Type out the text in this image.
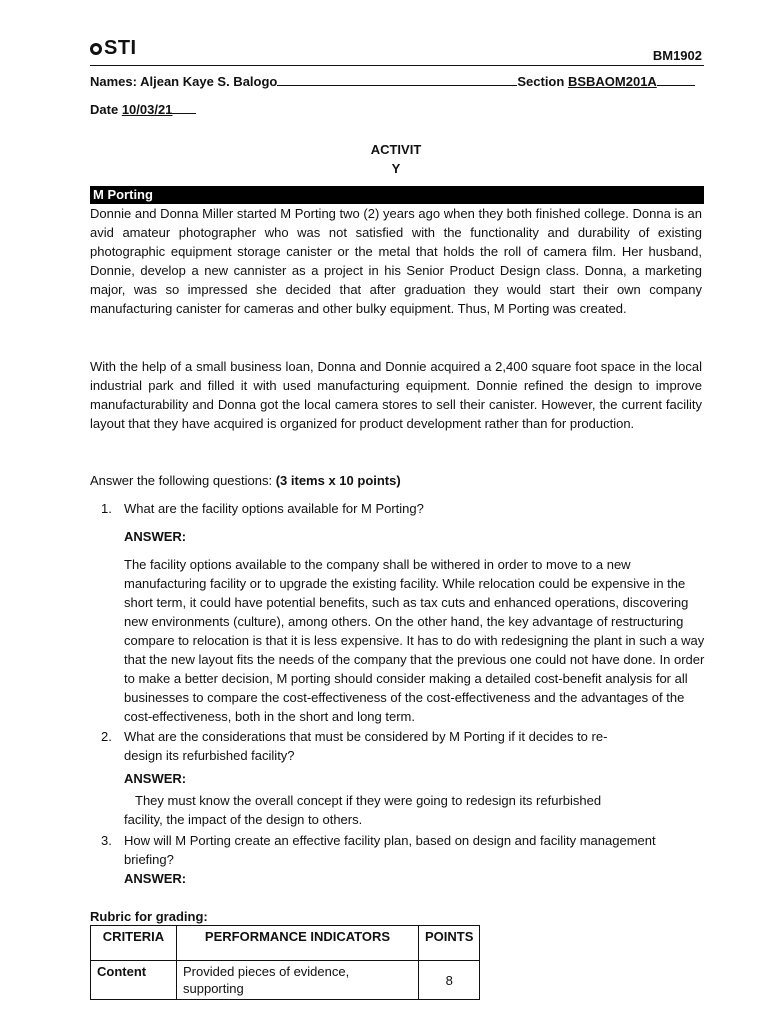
STI	BM1902
Names: Aljean Kaye S. Balogo	Section BSBAOM201A
Date 10/03/21
ACTIVIT
Y
M Porting
Donnie and Donna Miller started M Porting two (2) years ago when they both finished college. Donna is an avid amateur photographer who was not satisfied with the functionality and durability of existing photographic equipment storage canister or the metal that holds the roll of camera film. Her husband, Donnie, develop a new cannister as a project in his Senior Product Design class. Donna, a marketing major, was so impressed she decided that after graduation they would start their own company manufacturing canister for cameras and other bulky equipment. Thus, M Porting was created.
With the help of a small business loan, Donna and Donnie acquired a 2,400 square foot space in the local industrial park and filled it with used manufacturing equipment. Donnie refined the design to improve manufacturability and Donna got the local camera stores to sell their canister. However, the current facility layout that they have acquired is organized for product development rather than for production.
Answer the following questions: (3 items x 10 points)
1. What are the facility options available for M Porting?
ANSWER:
The facility options available to the company shall be withered in order to move to a new manufacturing facility or to upgrade the existing facility. While relocation could be expensive in the short term, it could have potential benefits, such as tax cuts and enhanced operations, discovering new environments (culture), among others. On the other hand, the key advantage of restructuring compare to relocation is that it is less expensive. It has to do with redesigning the plant in such a way that the new layout fits the needs of the company that the previous one could not have done. In order to make a better decision, M porting should consider making a detailed cost-benefit analysis for all businesses to compare the cost-effectiveness of the cost-effectiveness and the advantages of the cost-effectiveness, both in the short and long term.
2. What are the considerations that must be considered by M Porting if it decides to re-design its refurbished facility?
ANSWER:
They must know the overall concept if they were going to redesign its refurbished facility, the impact of the design to others.
3. How will M Porting create an effective facility plan, based on design and facility management briefing?
ANSWER:
Rubric for grading:
CRITERIA	PERFORMANCE INDICATORS	POINTS
Content	Provided pieces of evidence, supporting	8
